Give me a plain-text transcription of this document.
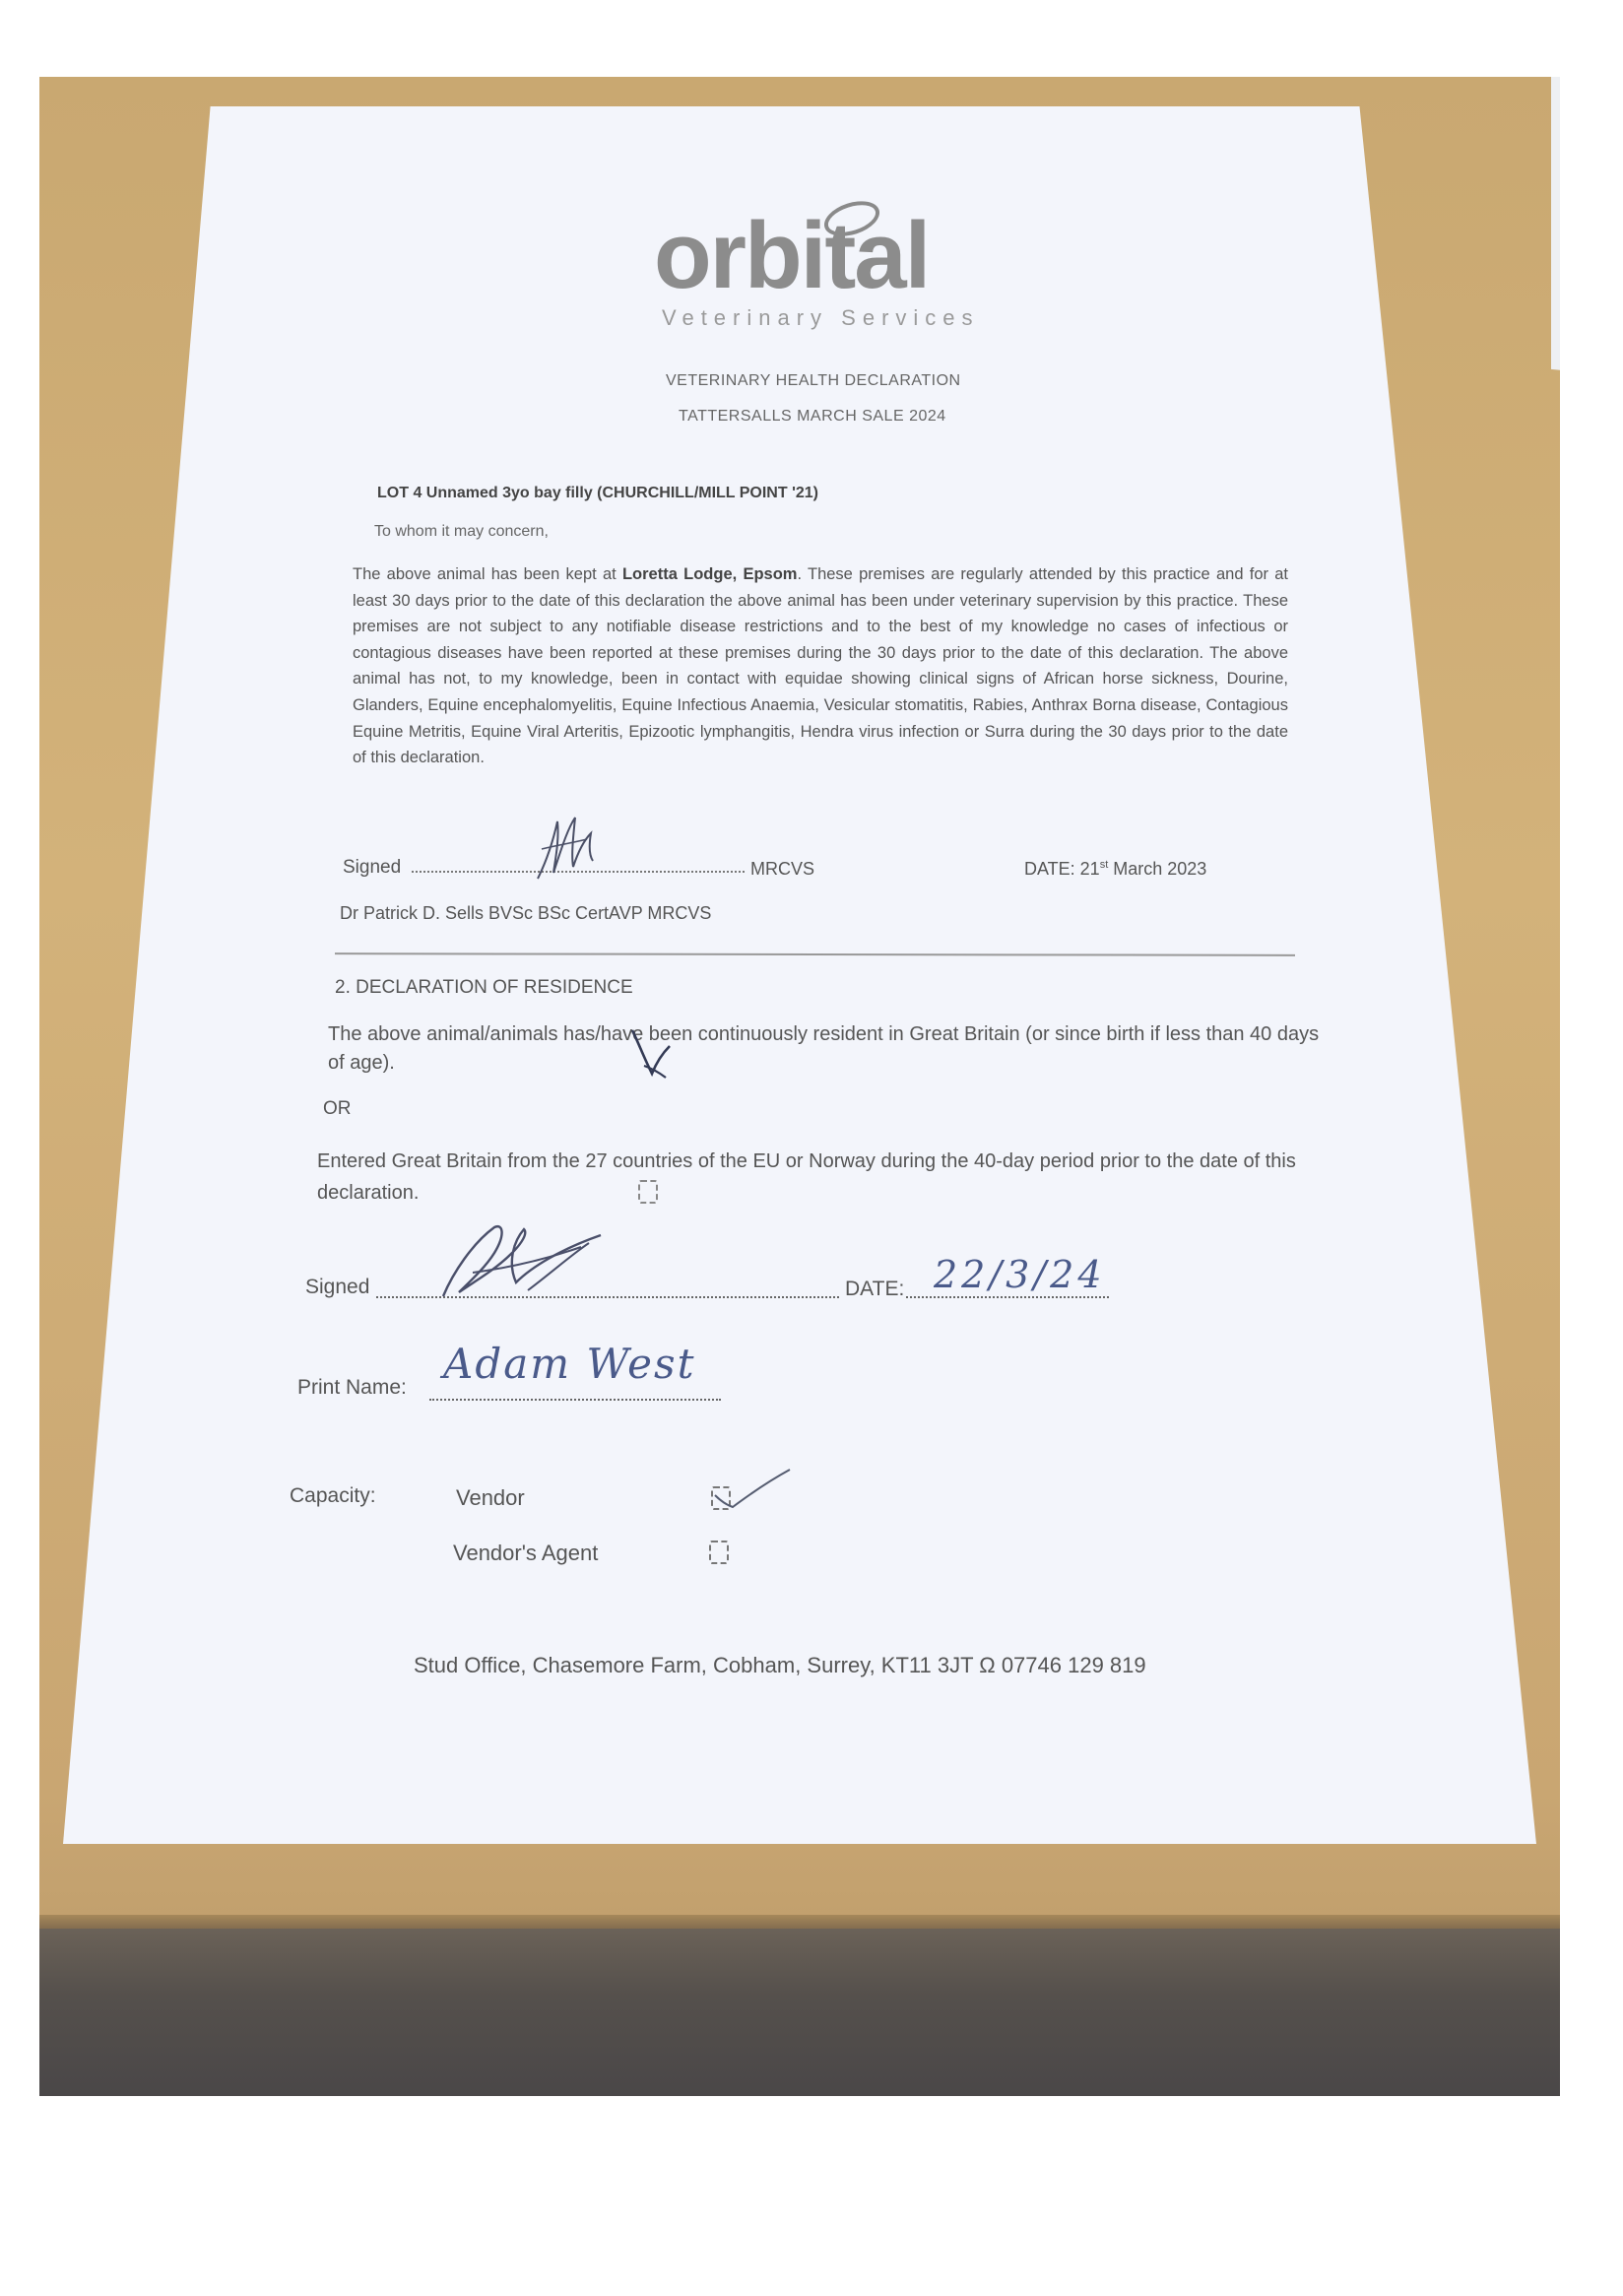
orbital
Veterinary Services
VETERINARY HEALTH DECLARATION
TATTERSALLS MARCH SALE 2024
LOT 4 Unnamed 3yo bay filly (CHURCHILL/MILL POINT '21)
To whom it may concern,
The above animal has been kept at Loretta Lodge, Epsom. These premises are regularly attended by this practice and for at least 30 days prior to the date of this declaration the above animal has been under veterinary supervision by this practice. These premises are not subject to any notifiable disease restrictions and to the best of my knowledge no cases of infectious or contagious diseases have been reported at these premises during the 30 days prior to the date of this declaration. The above animal has not, to my knowledge, been in contact with equidae showing clinical signs of African horse sickness, Dourine, Glanders, Equine encephalomyelitis, Equine Infectious Anaemia, Vesicular stomatitis, Rabies, Anthrax Borna disease, Contagious Equine Metritis, Equine Viral Arteritis, Epizootic lymphangitis, Hendra virus infection or Surra during the 30 days prior to the date of this declaration.
Signed	MRCVS	DATE: 21st March 2023
Dr Patrick D. Sells BVSc BSc CertAVP MRCVS
2. DECLARATION OF RESIDENCE
The above animal/animals has/have been continuously resident in Great Britain (or since birth if less than 40 days of age).
OR
Entered Great Britain from the 27 countries of the EU or Norway during the 40-day period prior to the date of this declaration.
Signed	DATE: 22/3/24
Print Name: Adam West
Capacity:	Vendor
Vendor's Agent
Stud Office, Chasemore Farm, Cobham, Surrey, KT11 3JT Ω 07746 129 819
